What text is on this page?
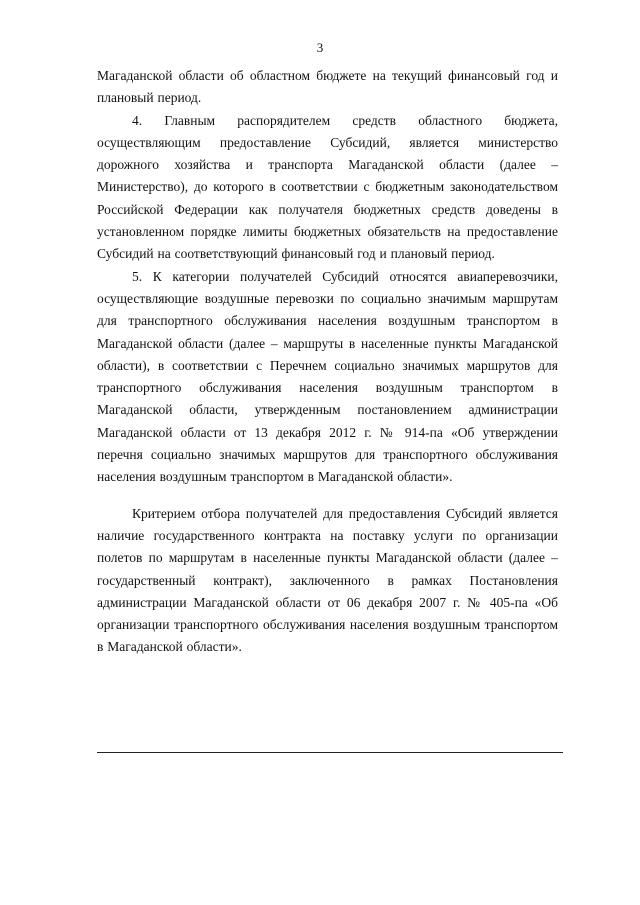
3

Магаданской области об областном бюджете на текущий финансовый год и плановый период.

4. Главным распорядителем средств областного бюджета, осуществляющим предоставление Субсидий, является министерство дорожного хозяйства и транспорта Магаданской области (далее – Министерство), до которого в соответствии с бюджетным законодательством Российской Федерации как получателя бюджетных средств доведены в установленном порядке лимиты бюджетных обязательств на предоставление Субсидий на соответствующий финансовый год и плановый период.

5. К категории получателей Субсидий относятся авиаперевозчики, осуществляющие воздушные перевозки по социально значимым маршрутам для транспортного обслуживания населения воздушным транспортом в Магаданской области (далее – маршруты в населенные пункты Магаданской области), в соответствии с Перечнем социально значимых маршрутов для транспортного обслуживания населения воздушным транспортом в Магаданской области, утвержденным постановлением администрации Магаданской области от 13 декабря 2012 г. № 914-па «Об утверждении перечня социально значимых маршрутов для транспортного обслуживания населения воздушным транспортом в Магаданской области».

Критерием отбора получателей для предоставления Субсидий является наличие государственного контракта на поставку услуги по организации полетов по маршрутам в населенные пункты Магаданской области (далее – государственный контракт), заключенного в рамках Постановления администрации Магаданской области от 06 декабря 2007 г. № 405-па «Об организации транспортного обслуживания населения воздушным транспортом в Магаданской области».
